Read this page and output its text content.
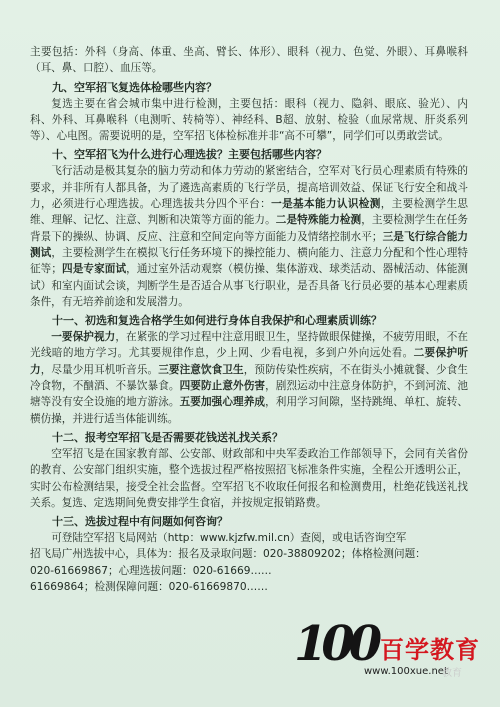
主要包括：外科（身高、体重、坐高、臂长、体形）、眼科（视力、色觉、外眼）、耳鼻喉科（耳、鼻、口腔）、血压等。

九、空军招飞复选体检哪些内容？

复选主要在省会城市集中进行检测，主要包括：眼科（视力、隐斜、眼底、验光）、内科、外科、耳鼻喉科（电测听、转椅等）、神经科、B超、放射、检验（血尿常规、肝炎系列等）、心电图。需要说明的是，空军招飞体检标准并非“高不可攀”，同学们可以勇敢尝试。

十、空军招飞为什么进行心理选拔？主要包括哪些内容？

飞行活动是极其复杂的脑力劳动和体力劳动的紧密结合，空军对飞行员心理素质有特殊的要求，并非所有人都具备，为了遴选高素质的飞行学员，提高培训效益、保证飞行安全和战斗力，必须进行心理选拔。心理选拔共分四个平台：一是基本能力认识检测，主要检测学生思维、理解、记忆、注意、判断和决策等方面的能力。二是特殊能力检测，主要检测学生在任务背景下的操纵、协调、反应、注意和空间定向等方面能力及情绪控制水平；三是飞行综合能力测试，主要检测学生在模拟飞行任务环境下的操控能力、横向能力、注意力分配和个性心理特征等；四是专家面试，通过室外活动观察（模仿操、集体游戏、球类活动、器械活动、体能测试）和室内面试会谈，判断学生是否适合从事飞行职业，是否具备飞行员必要的基本心理素质条件，有无培养前途和发展潜力。

十一、初选和复选合格学生如何进行身体自我保护和心理素质训练？

一要保护视力，在紧张的学习过程中注意用眼卫生，坚持做眼保健操，不疲劳用眼，不在光线暗的地方学习。尤其要规律作息，少上网、少看电视，多到户外向远处看。二要保护听力，尽量少用耳机听音乐。三要注意饮食卫生，预防传染性疾病，不在街头小摊就餐、少食生冷食物，不酗酒、不暴饮暴食。四要防止意外伤害，剧烈运动中注意身体防护，不到河流、池塘等没有安全设施的地方游泳。五要加强心理养成，利用学习间隙，坚持跳绳、单杠、旋转、横仿操，并进行适当体能训练。

十二、报考空军招飞是否需要花钱送礼找关系？

空军招飞是在国家教育部、公安部、财政部和中央军委政治工作部领导下，会同有关省份的教育、公安部门组织实施，整个选拔过程严格按照招飞标准条件实施，全程公开透明公正，实时公布检测结果，接受全社会监督。空军招飞不收取任何报名和检测费用，杜绝花钱送礼找关系。复选、定选期间免费安排学生食宿，并按规定报销路费。

十三、选拔过程中有问题如何咨询？

可登陆空军招飞局网站（http：www.kjzfw.mil.cn）查阅，或电话咨询空军

招飞局广州选拔中心，具体为：报名及录取问题：020-38809202；体格检测问题：

020-61669867；心理选拔问题：020-61669……

61669864；检测保障问题：020-61669870……

100 百学教育
www.100xue.net
教育
